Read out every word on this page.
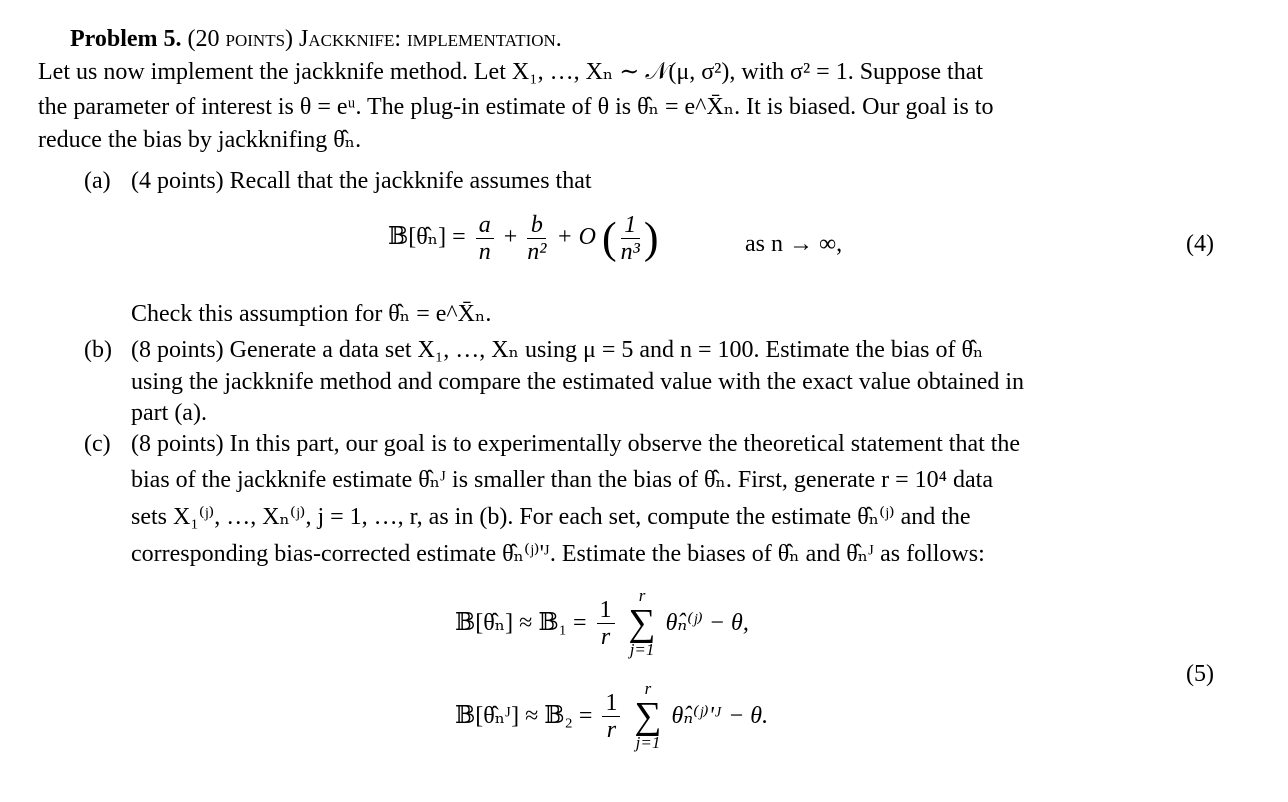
Problem 5. (20 points) Jackknife: implementation.
Let us now implement the jackknife method. Let X₁, …, Xₙ ∼ 𝒩(μ, σ²), with σ² = 1. Suppose that
the parameter of interest is θ = eᵘ. The plug-in estimate of θ is θ̂ₙ = e^X̄ₙ. It is biased. Our goal is to
reduce the bias by jackknifing θ̂ₙ.
(a) (4 points) Recall that the jackknife assumes that
𝔹[θ̂ₙ] = $\frac{a}{n} + \frac{b}{\text{n²}} + O$ ( $\frac{1}{\text{n³}}$ )	as n → ∞,	(4)
Check this assumption for θ̂ₙ = e^X̄ₙ.
(b) (8 points) Generate a data set X₁, …, Xₙ using μ = 5 and n = 100. Estimate the bias of θ̂ₙ
using the jackknife method and compare the estimated value with the exact value obtained in
part (a).
(c) (8 points) In this part, our goal is to experimentally observe the theoretical statement that the
bias of the jackknife estimate θ̂ₙᴶ is smaller than the bias of θ̂ₙ. First, generate r = 10⁴ data
sets X₁⁽ʲ⁾, …, Xₙ⁽ʲ⁾, j = 1, …, r, as in (b). For each set, compute the estimate θ̂ₙ⁽ʲ⁾ and the
corresponding bias-corrected estimate θ̂ₙ⁽ʲ⁾'ᴶ. Estimate the biases of θ̂ₙ and θ̂ₙᴶ as follows:
𝔹[θ̂ₙ] ≈ 𝔹₁ = $\frac{1}{r}$

r
∑
j=1
θ̂ₙ⁽ʲ⁾ − θ,
𝔹[θ̂ₙᴶ] ≈ 𝔹₂ = $\frac{1}{r}$

r
∑
j=1
θ̂ₙ⁽ʲ⁾'ᴶ − θ.
(5)
